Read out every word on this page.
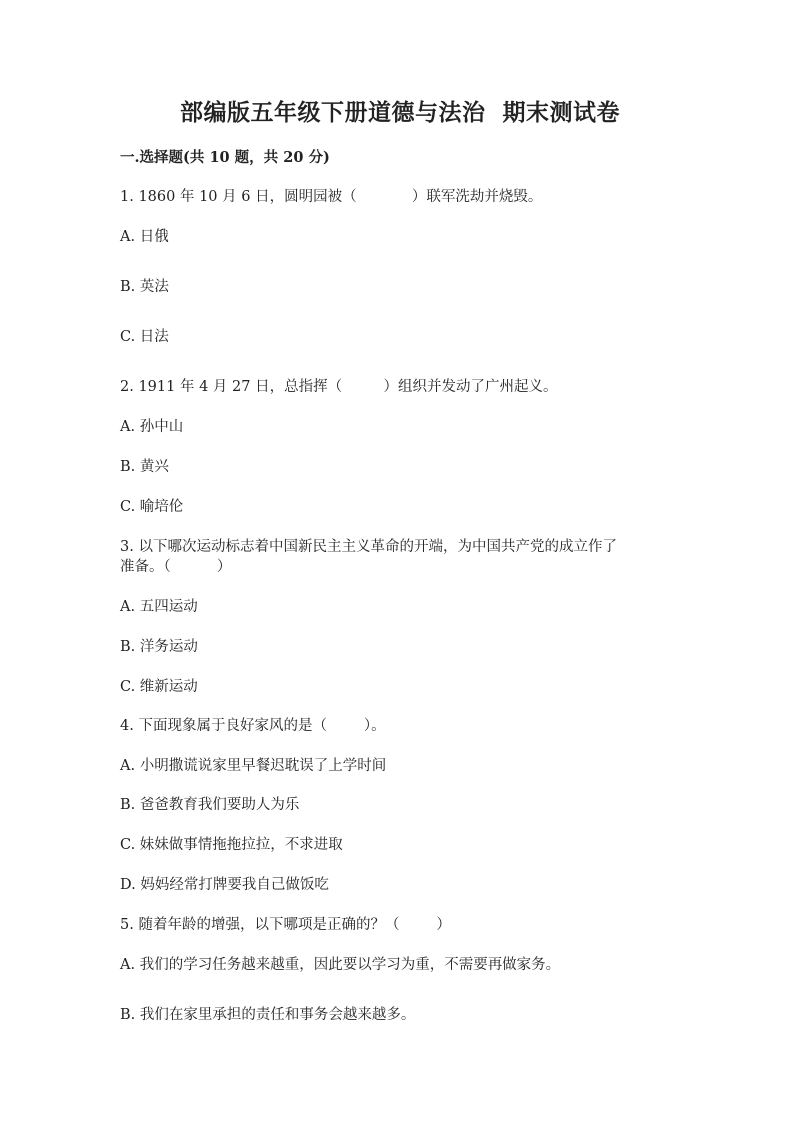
部编版五年级下册道德与法治  期末测试卷
一.选择题(共 10 题，共 20 分)
1. 1860 年 10 月 6 日，圆明园被（            ）联军洗劫并烧毁。
A. 日俄
B. 英法
C. 日法
2. 1911 年 4 月 27 日，总指挥（         ）组织并发动了广州起义。
A. 孙中山
B. 黄兴
C. 喻培伦
3. 以下哪次运动标志着中国新民主主义革命的开端，为中国共产党的成立作了
准备。（          ）
A. 五四运动
B. 洋务运动
C. 维新运动
4. 下面现象属于良好家风的是（        ）。
A. 小明撒谎说家里早餐迟耽误了上学时间
B. 爸爸教育我们要助人为乐
C. 妹妹做事情拖拖拉拉，不求进取
D. 妈妈经常打牌要我自己做饭吃
5. 随着年龄的增强，以下哪项是正确的？（        ）
A. 我们的学习任务越来越重，因此要以学习为重，不需要再做家务。
B. 我们在家里承担的责任和事务会越来越多。
